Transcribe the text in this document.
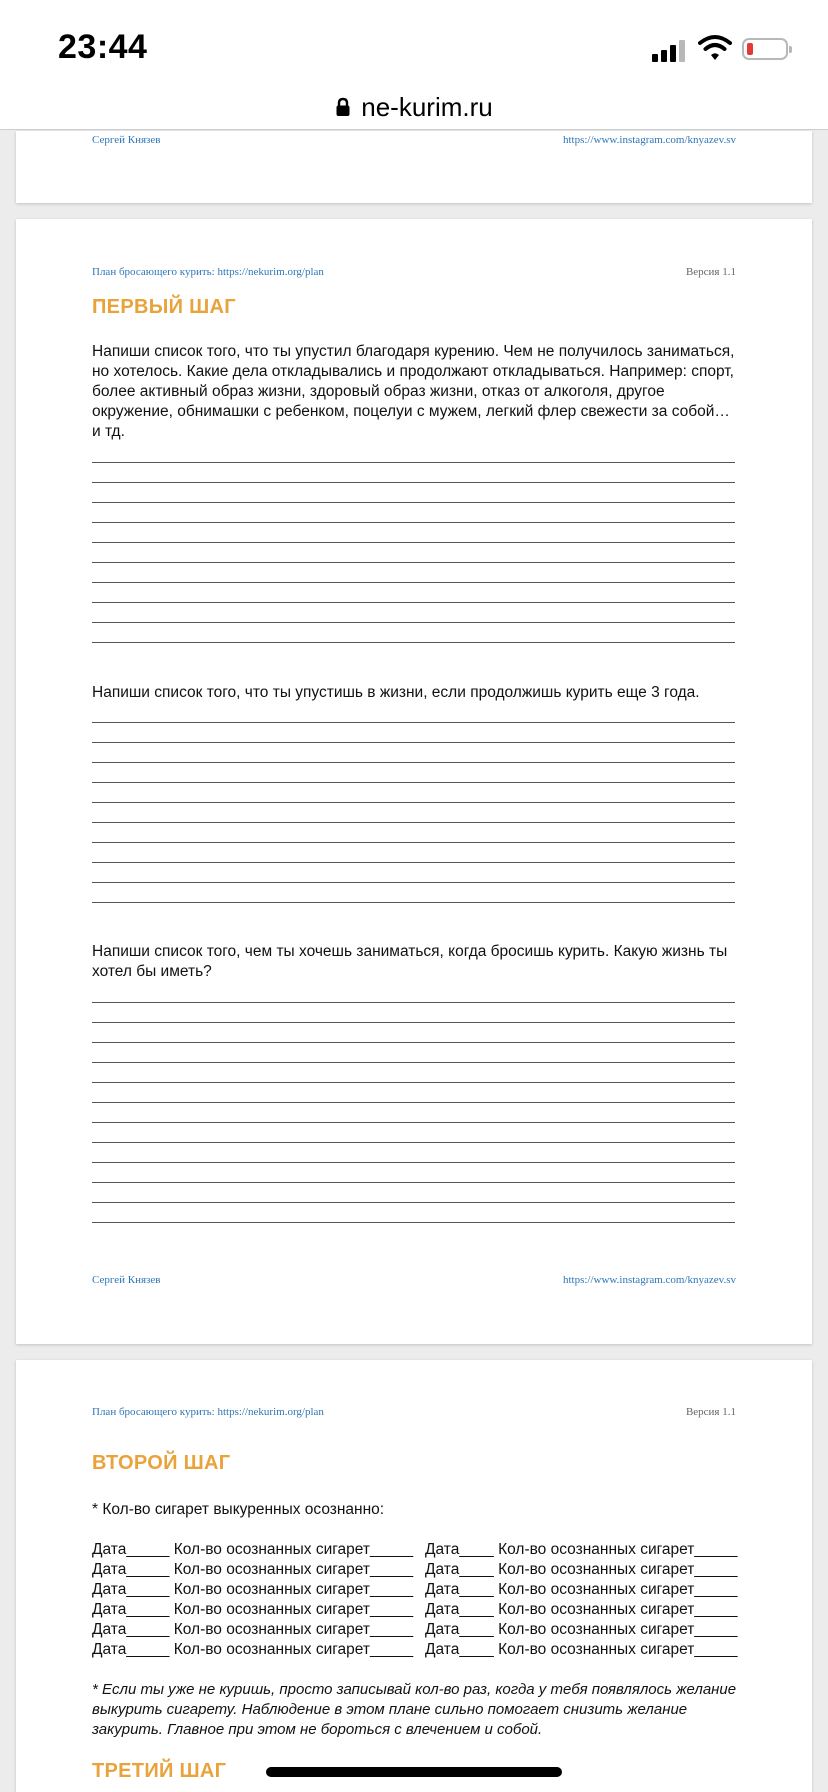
23:44
ne-kurim.ru
Сергей Князев	https://www.instagram.com/knyazev.sv
План бросающего курить: https://nekurim.org/plan	Версия 1.1
ПЕРВЫЙ ШАГ
Напиши список того, что ты упустил благодаря курению. Чем не получилось заниматься, но хотелось. Какие дела откладывались и продолжают откладываться. Например: спорт, более активный образ жизни, здоровый образ жизни, отказ от алкоголя, другое окружение, обнимашки с ребенком, поцелуи с мужем, легкий флер свежести за собой… и тд.
Напиши список того, что ты упустишь в жизни, если продолжишь курить еще 3 года.
Напиши список того, чем ты хочешь заниматься, когда бросишь курить. Какую жизнь ты хотел бы иметь?
Сергей Князев	https://www.instagram.com/knyazev.sv
План бросающего курить: https://nekurim.org/plan	Версия 1.1
ВТОРОЙ ШАГ
* Кол-во сигарет выкуренных осознанно:
Дата_____ Кол-во осознанных сигарет_____ Дата____ Кол-во осознанных сигарет_____
Дата_____ Кол-во осознанных сигарет_____ Дата____ Кол-во осознанных сигарет_____
Дата_____ Кол-во осознанных сигарет_____ Дата____ Кол-во осознанных сигарет_____
Дата_____ Кол-во осознанных сигарет_____ Дата____ Кол-во осознанных сигарет_____
Дата_____ Кол-во осознанных сигарет_____ Дата____ Кол-во осознанных сигарет_____
Дата_____ Кол-во осознанных сигарет_____ Дата____ Кол-во осознанных сигарет_____
* Если ты уже не куришь, просто записывай кол-во раз, когда у тебя появлялось желание выкурить сигарету. Наблюдение в этом плане сильно помогает снизить желание закурить. Главное при этом не бороться с влечением и собой.
ТРЕТИЙ ШАГ
